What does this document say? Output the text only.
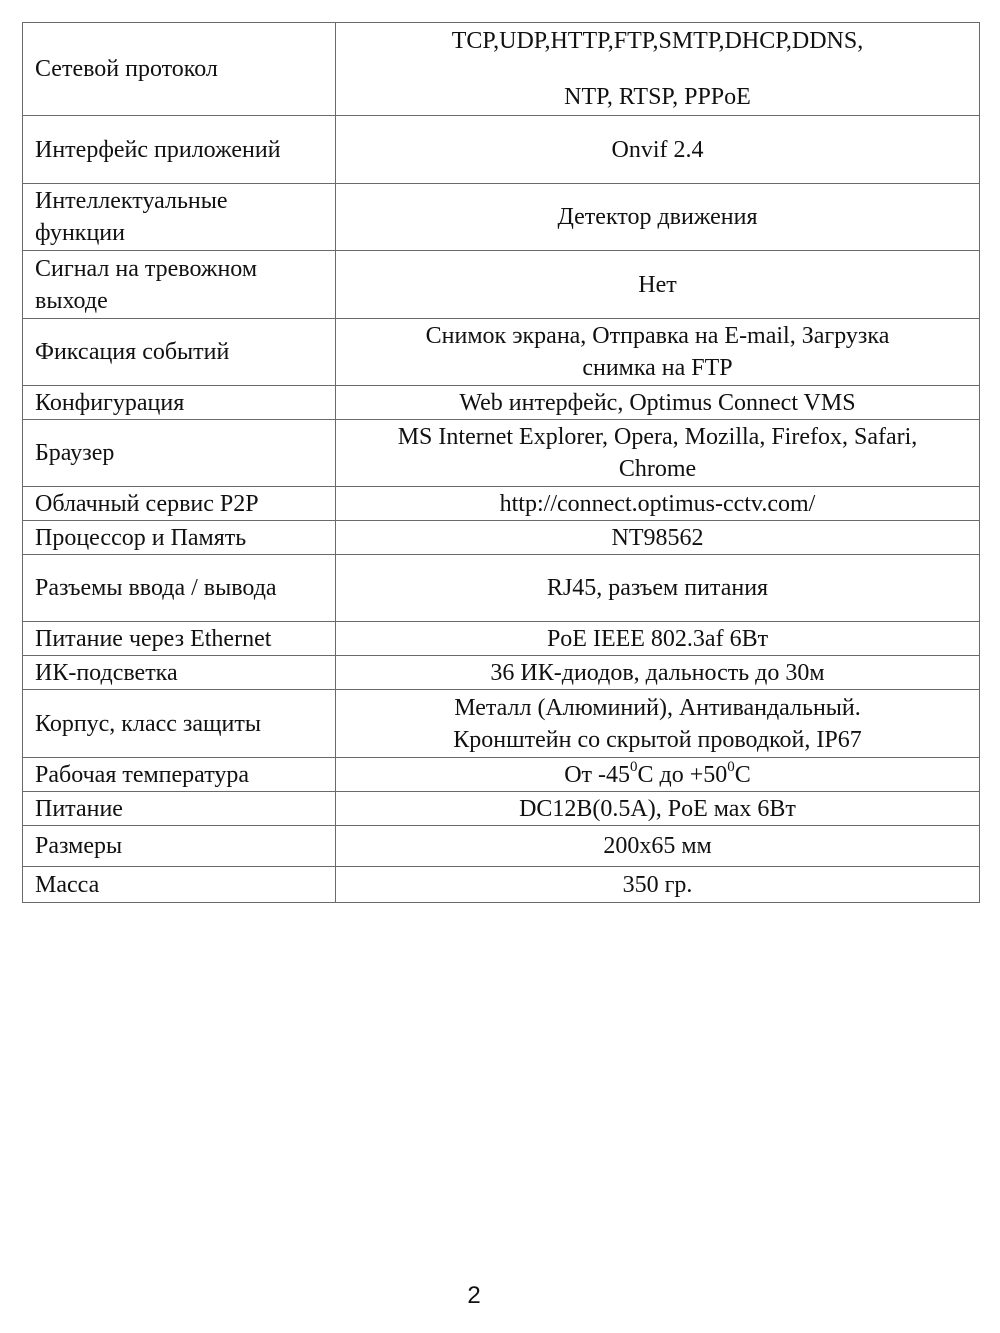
Сетевой протокол	TCP,UDP,HTTP,FTP,SMTP,DHCP,DDNS,
NTP, RTSP, PPPoE

Интерфейс приложений	Onvif 2.4
Интеллектуальные функции	Детектор движения
Сигнал на тревожном выходе	Нет
Фиксация событий	Снимок экрана, Отправка на E-mail, Загрузка
снимка на FTP

Конфигурация	Web интерфейс, Optimus Connect VMS
Браузер	MS Internet Explorer, Opera, Mozilla, Firefox, Safari,
Chrome

Облачный сервис P2P	http://connect.optimus-cctv.com/
Процессор и Память	NT98562
Разъемы ввода / вывода	RJ45, разъем питания
Питание через Ethernet	PoE IEEE 802.3af 6Вт
ИК-подсветка	36 ИК-диодов, дальность до 30м
Корпус, класс защиты	Металл (Алюминий), Антивандальный.
Кронштейн со скрытой проводкой, IP67

Рабочая температура	От $-45^0С$ до $+50^0С$
Питание	DC12B(0.5A), PoE мах 6Вт
Размеры	200x65 мм
Масса	350 гр.
2
